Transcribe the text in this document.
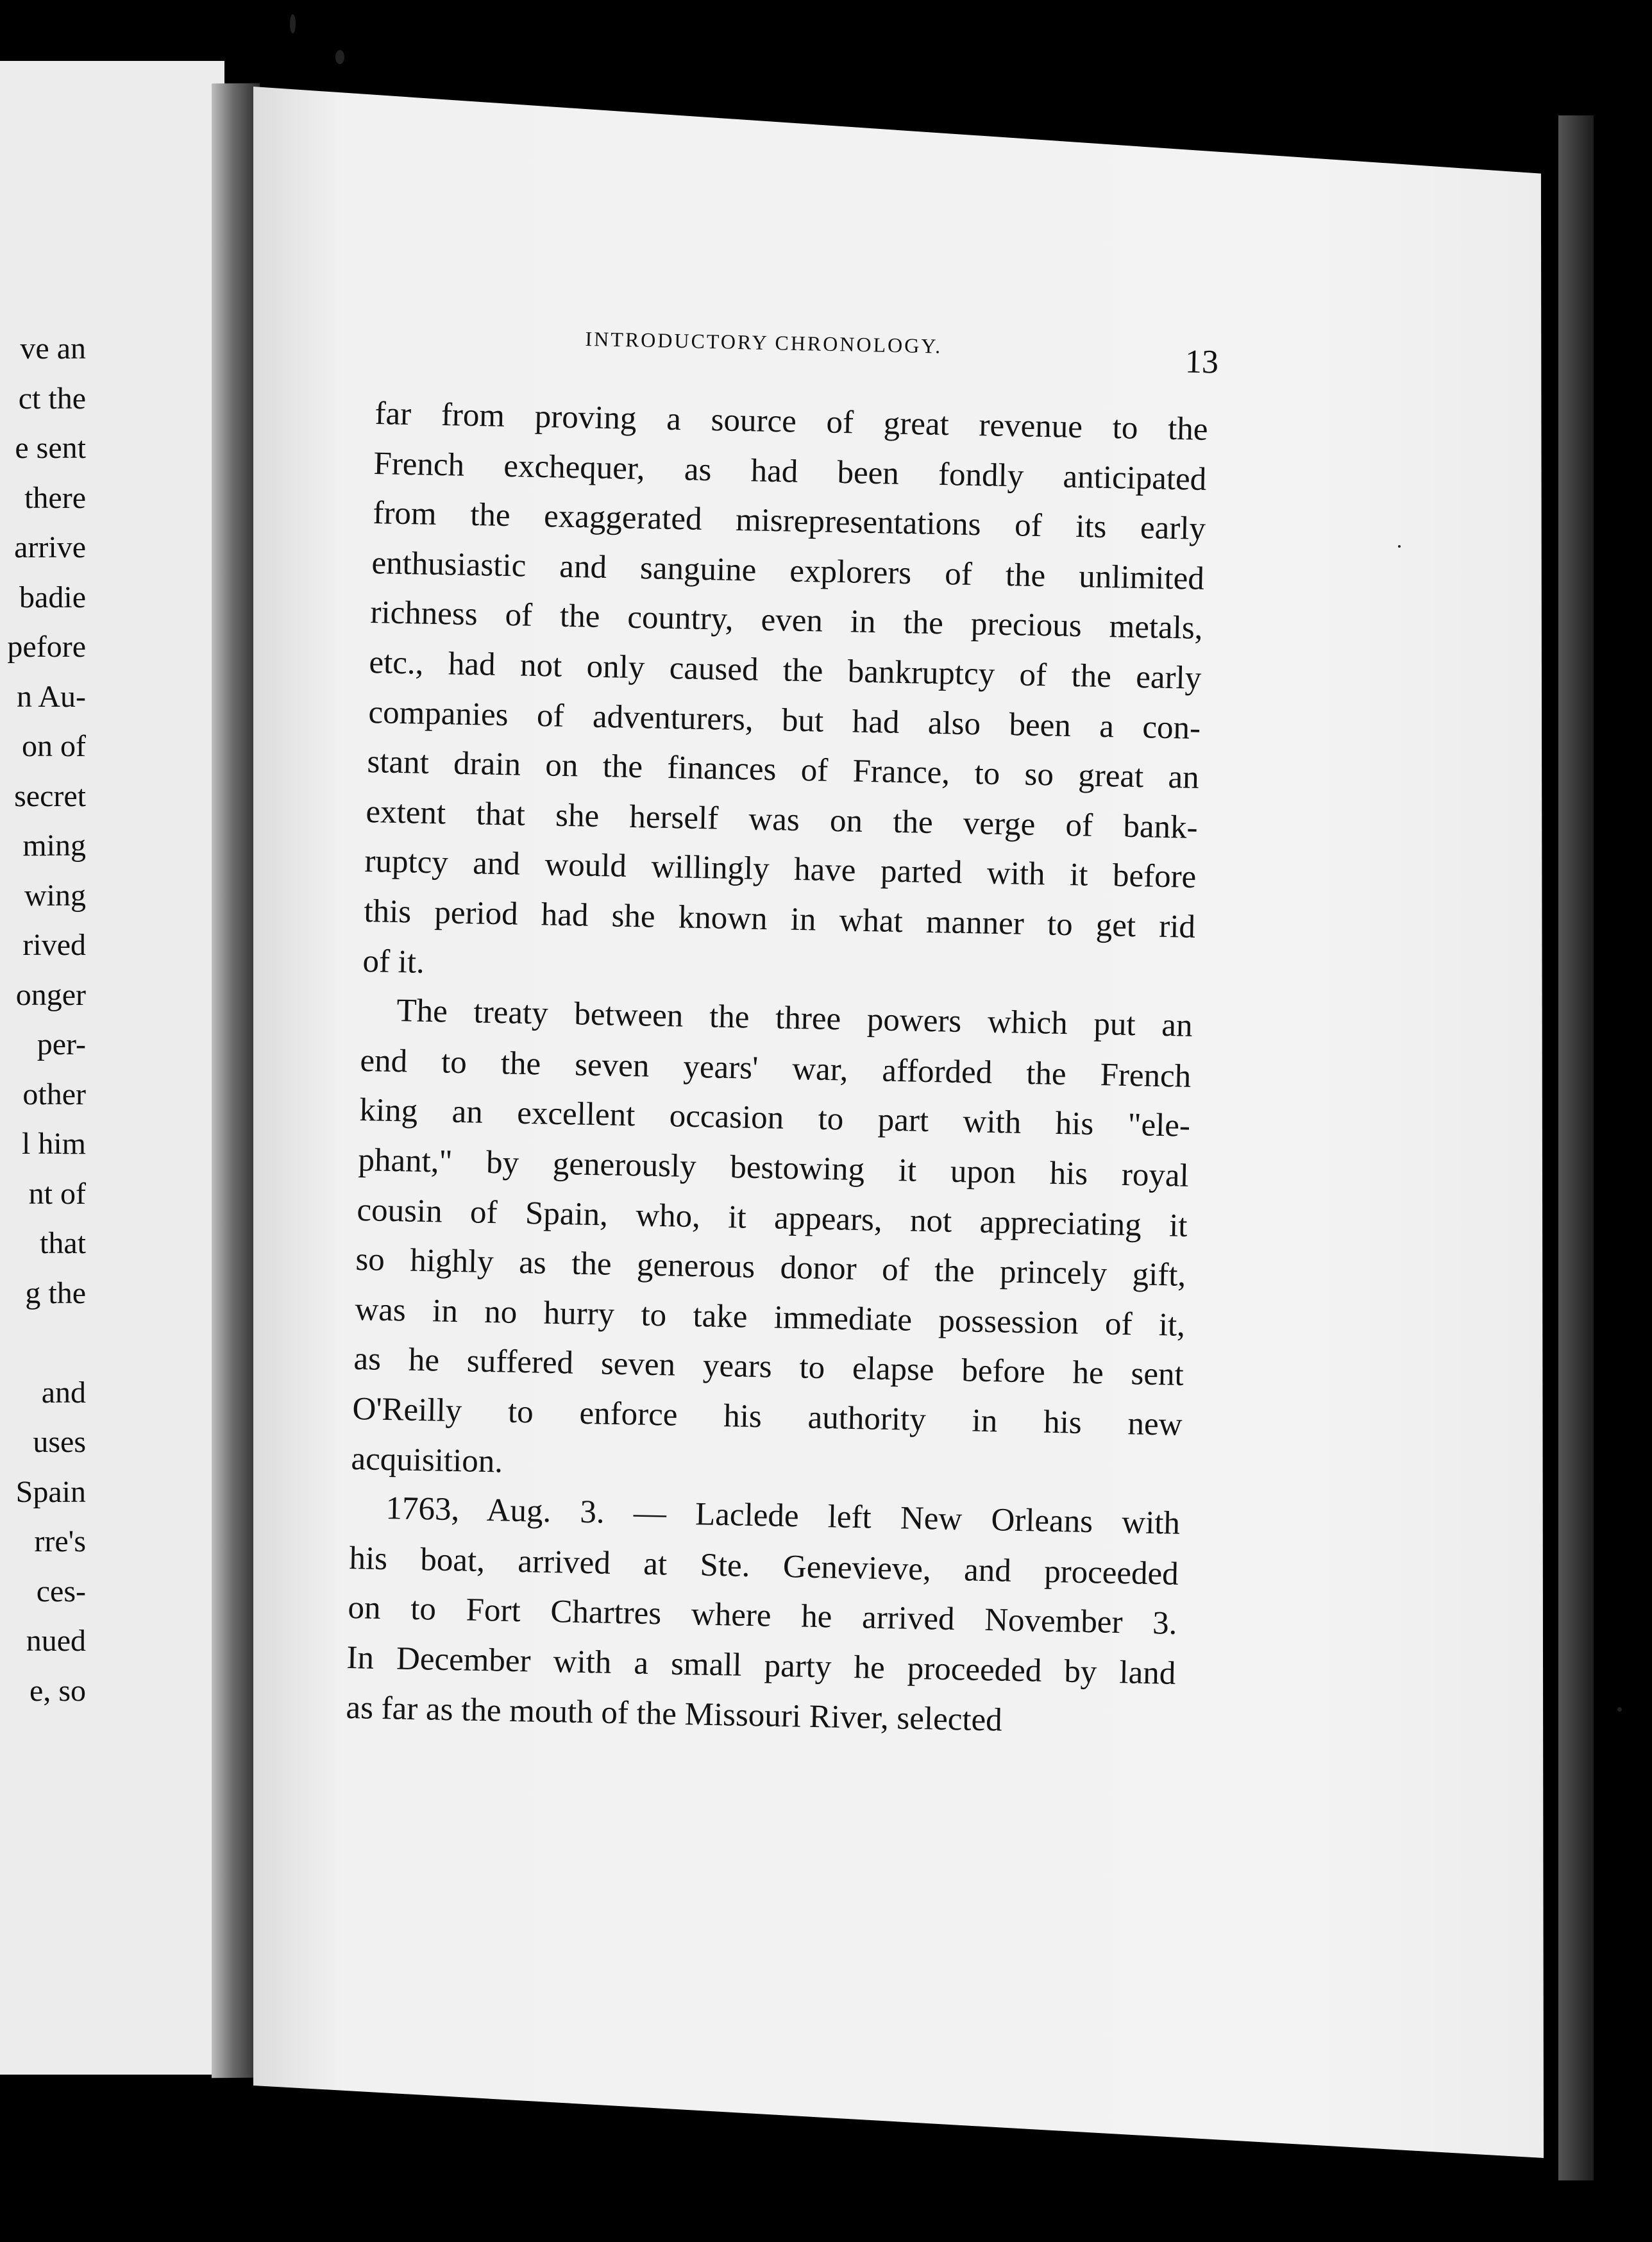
ve an
ct the
e sent
there
arrive
badie
pefore
n Au-
on of
secret
ming
wing
rived
onger
per-
other
l him
nt of
that
g the
and
uses
Spain
rre's
ces-
nued
e, so
INTRODUCTORY CHRONOLOGY.
13
far from proving a source of great revenue to the
French exchequer, as had been fondly anticipated
from the exaggerated misrepresentations of its early
enthusiastic and sanguine explorers of the unlimited
richness of the country, even in the precious metals,
etc., had not only caused the bankruptcy of the early
companies of adventurers, but had also been a con-
stant drain on the finances of France, to so great an
extent that she herself was on the verge of bank-
ruptcy and would willingly have parted with it before
this period had she known in what manner to get rid
of it.
The treaty between the three powers which put an
end to the seven years' war, afforded the French
king an excellent occasion to part with his "ele-
phant," by generously bestowing it upon his royal
cousin of Spain, who, it appears, not appreciating it
so highly as the generous donor of the princely gift,
was in no hurry to take immediate possession of it,
as he suffered seven years to elapse before he sent
O'Reilly to enforce his authority in his new
acquisition.
1763, Aug. 3. — Laclede left New Orleans with
his boat, arrived at Ste. Genevieve, and proceeded
on to Fort Chartres where he arrived November 3.
In December with a small party he proceeded by land
as far as the mouth of the Missouri River, selected
